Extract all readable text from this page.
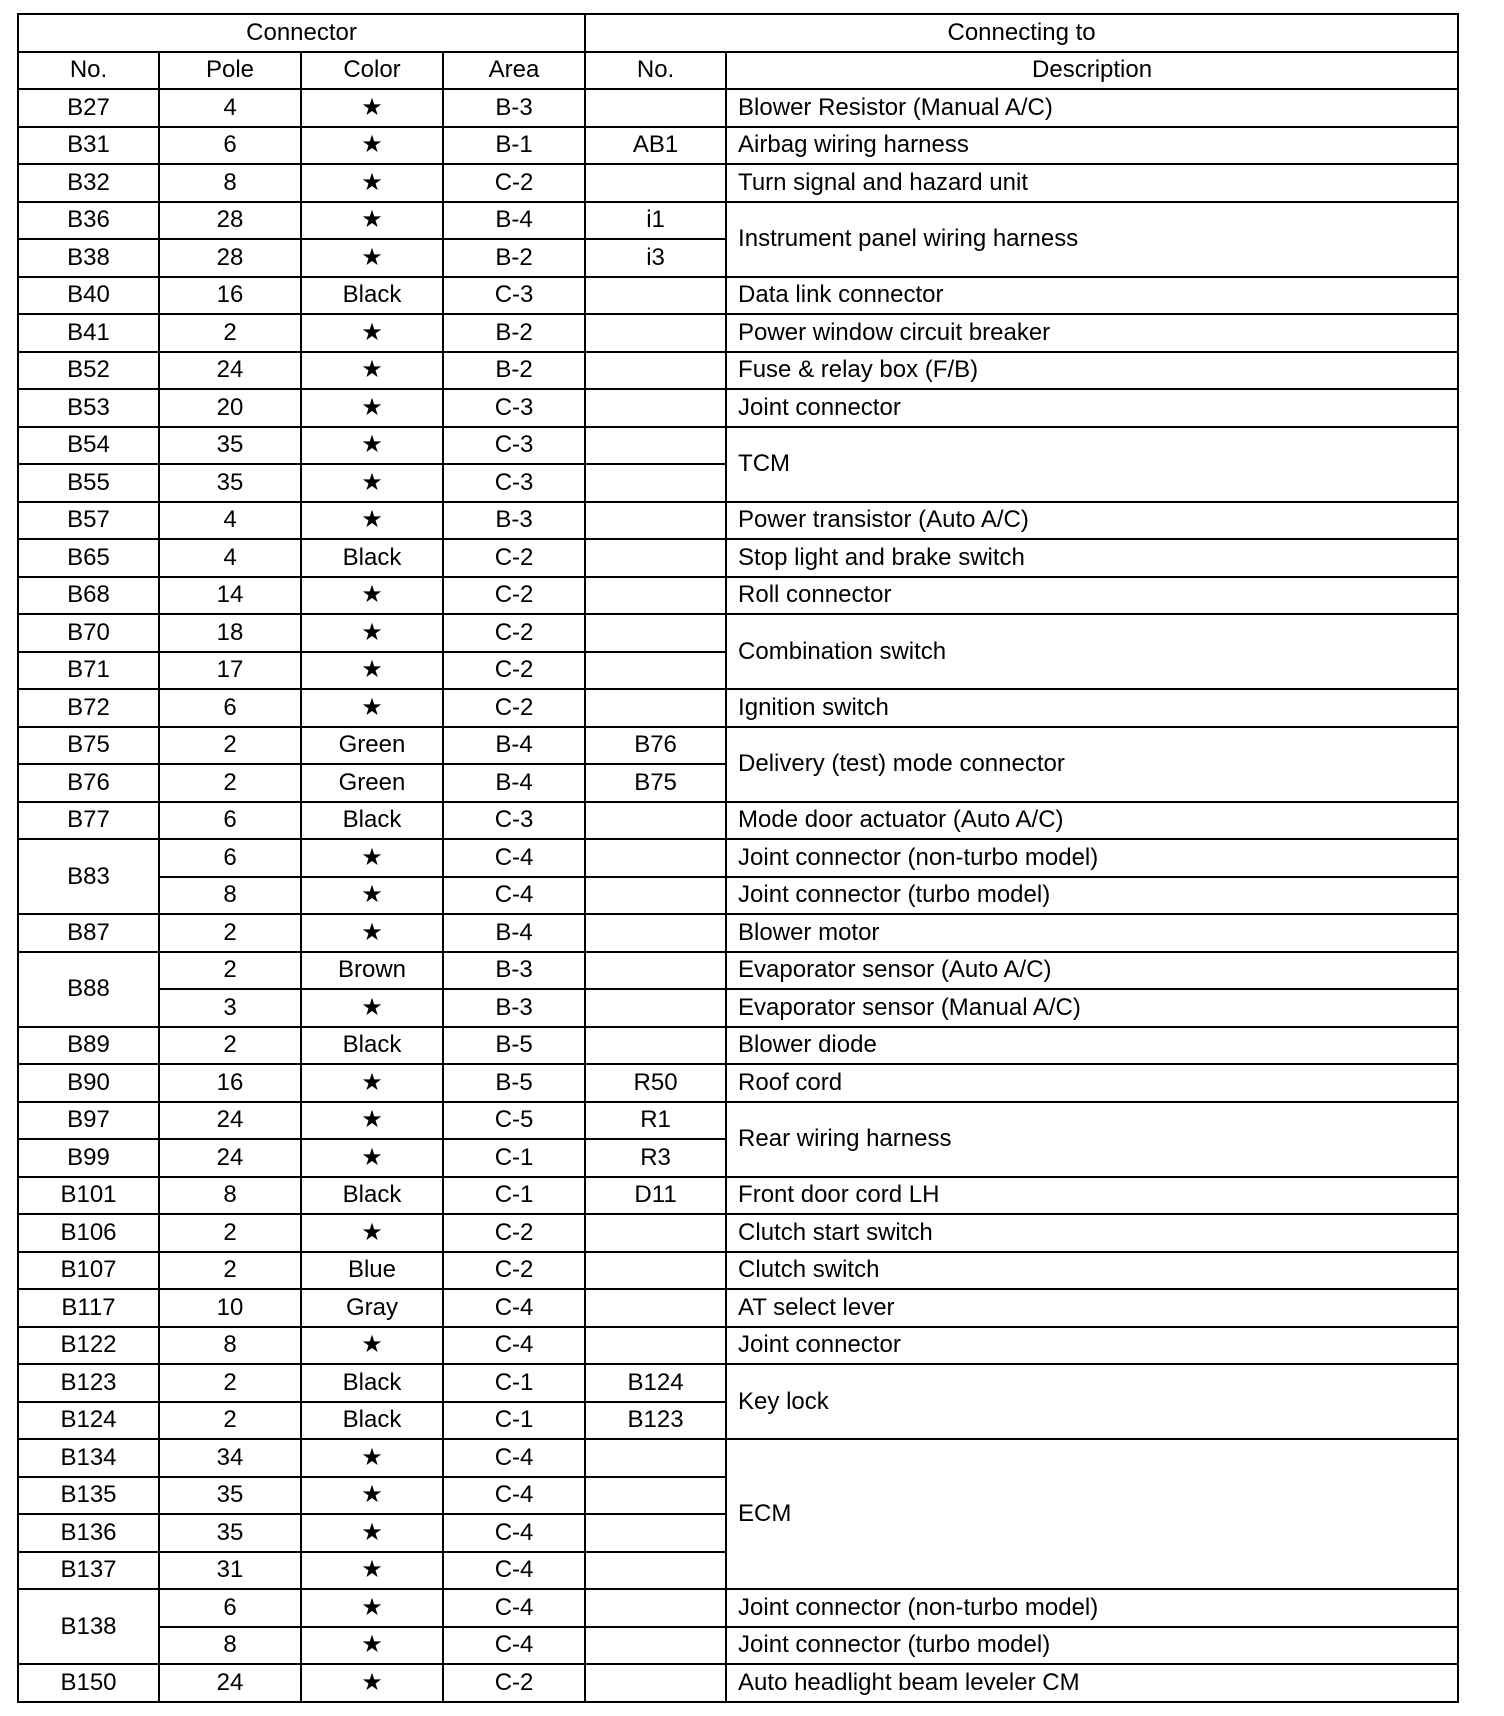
Connector				Connecting to	
No.	Pole	Color	Area	No.	Description
B27	4	★	B-3		Blower Resistor (Manual A/C)
B31	6	★	B-1	AB1	Airbag wiring harness
B32	8	★	C-2		Turn signal and hazard unit
B36	28	★	B-4	i1	Instrument panel wiring harness
B38	28	★	B-2	i3	
B40	16	Black	C-3		Data link connector
B41	2	★	B-2		Power window circuit breaker
B52	24	★	B-2		Fuse & relay box (F/B)
B53	20	★	C-3		Joint connector
B54	35	★	C-3		TCM
B55	35	★	C-3		
B57	4	★	B-3		Power transistor (Auto A/C)
B65	4	Black	C-2		Stop light and brake switch
B68	14	★	C-2		Roll connector
B70	18	★	C-2		Combination switch
B71	17	★	C-2		
B72	6	★	C-2		Ignition switch
B75	2	Green	B-4	B76	Delivery (test) mode connector
B76	2	Green	B-4	B75	
B77	6	Black	C-3		Mode door actuator (Auto A/C)
B83	6	★	C-4		Joint connector (non-turbo model)
	8	★	C-4		Joint connector (turbo model)
B87	2	★	B-4		Blower motor
B88	2	Brown	B-3		Evaporator sensor (Auto A/C)
	3	★	B-3		Evaporator sensor (Manual A/C)
B89	2	Black	B-5		Blower diode
B90	16	★	B-5	R50	Roof cord
B97	24	★	C-5	R1	Rear wiring harness
B99	24	★	C-1	R3	
B101	8	Black	C-1	D11	Front door cord LH
B106	2	★	C-2		Clutch start switch
B107	2	Blue	C-2		Clutch switch
B117	10	Gray	C-4		AT select lever
B122	8	★	C-4		Joint connector
B123	2	Black	C-1	B124	Key lock
B124	2	Black	C-1	B123	
B134	34	★	C-4		ECM
B135	35	★	C-4		
B136	35	★	C-4		
B137	31	★	C-4		
B138	6	★	C-4		Joint connector (non-turbo model)
	8	★	C-4		Joint connector (turbo model)
B150	24	★	C-2		Auto headlight beam leveler CM
